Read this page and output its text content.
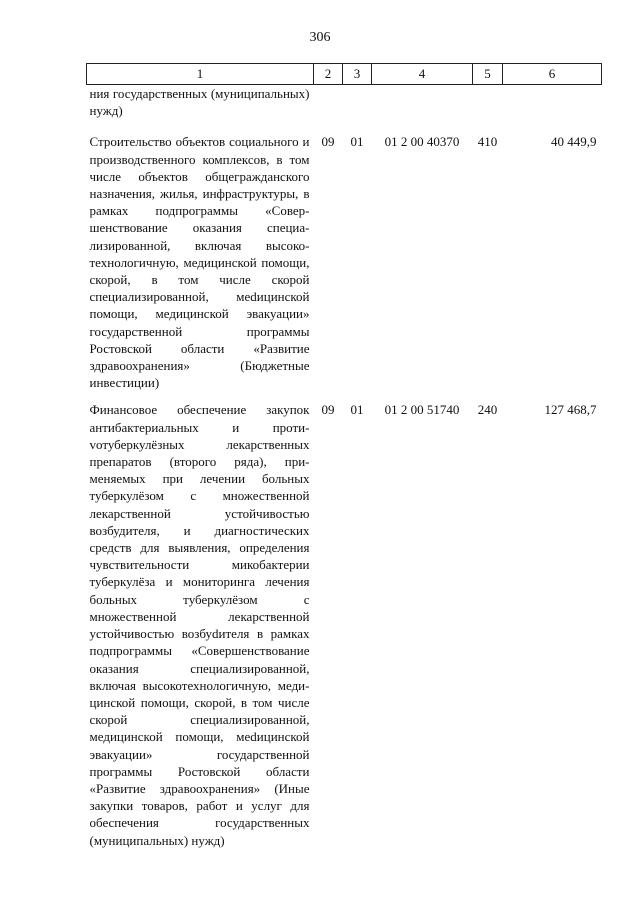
306
1	2	3	4	5	6
ния государственных (муниципальных) нужд)					
Строительство объектов социального и производственного комплексов, в том числе объектов общегражданского назначения, жилья, инфраструктуры, в рамках подпрограммы «Совершенствование оказания специализированной, включая высокотехнологичную, медицинской помощи, скорой, в том числе скорой специализированной, меdицинской помощи, медицинской эвакуации» государственной программы Ростовской области «Развитие здравоохранения» (Бюджетные инвестиции)	09	01	01 2 00 40370	410	40 449,9

Финансовое обеспечение закупок антибактериальных и протиvотуберкулёзных лекарственных препаратов (второго ряда), применяемых при лечении больных туберкулёзом с множественной лекарственной устойчивостью возбудителя, и диагностических средств для выявления, определения чувствительности микобактерии туберкулёза и мониторинга лечения больных туберкулёзом с множественной лекарственной устойчивостью возбуdителя в рамках подпрограммы «Совершенствование оказания специализированной, включая высокотехнологичную, медицинской помощи, скорой, в том числе скорой специализированной, медицинской помощи, меdицинской эвакуации» государственной программы Ростовской области «Развитие здравоохранения» (Иные закупки товаров, работ и услуг для обеспечения государственных (муниципальных) нужд)	09	01	01 2 00 51740	240	127 468,7
